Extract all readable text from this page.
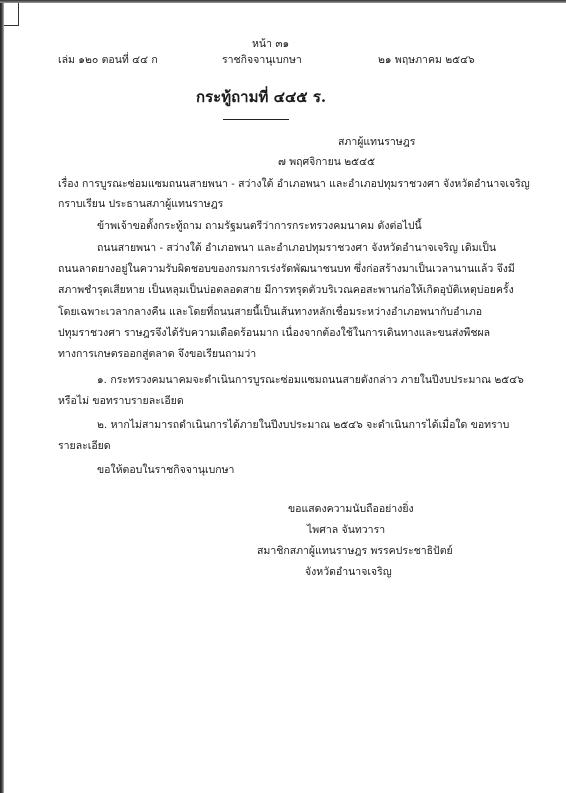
หน้า ๓๑
เล่ม ๑๒๐ ตอนที่ ๔๔ ก	ราชกิจจานุเบกษา	๒๑ พฤษภาคม ๒๕๔๖
กระทู้ถามที่ ๔๔๕ ร.
สภาผู้แทนราษฎร
๗ พฤศจิกายน ๒๕๔๕
เรื่อง การบูรณะซ่อมแซมถนนสายพนา - สว่างใต้ อำเภอพนา และอำเภอปทุมราชวงศา จังหวัดอำนาจเจริญ
กราบเรียน ประธานสภาผู้แทนราษฎร
ข้าพเจ้าขอตั้งกระทู้ถาม ถามรัฐมนตรีว่าการกระทรวงคมนาคม ดังต่อไปนี้
ถนนสายพนา - สว่างใต้ อำเภอพนา และอำเภอปทุมราชวงศา จังหวัดอำนาจเจริญ เดิมเป็น
ถนนลาดยางอยู่ในความรับผิดชอบของกรมการเร่งรัดพัฒนาชนบท ซึ่งก่อสร้างมาเป็นเวลานานแล้ว จึงมี
สภาพชำรุดเสียหาย เป็นหลุมเป็นบ่อตลอดสาย มีการทรุดตัวบริเวณคอสะพานก่อให้เกิดอุบัติเหตุบ่อยครั้ง
โดยเฉพาะเวลากลางคืน และโดยที่ถนนสายนี้เป็นเส้นทางหลักเชื่อมระหว่างอำเภอพนากับอำเภอ
ปทุมราชวงศา ราษฎรจึงได้รับความเดือดร้อนมาก เนื่องจากต้องใช้ในการเดินทางและขนส่งพืชผล
ทางการเกษตรออกสู่ตลาด จึงขอเรียนถามว่า
๑. กระทรวงคมนาคมจะดำเนินการบูรณะซ่อมแซมถนนสายดังกล่าว ภายในปีงบประมาณ ๒๕๔๖
หรือไม่ ขอทราบรายละเอียด
๒. หากไม่สามารถดำเนินการได้ภายในปีงบประมาณ ๒๕๔๖ จะดำเนินการได้เมื่อใด ขอทราบ
รายละเอียด
ขอให้ตอบในราชกิจจานุเบกษา
ขอแสดงความนับถืออย่างยิ่ง
ไพศาล จันทวารา
สมาชิกสภาผู้แทนราษฎร พรรคประชาธิปัตย์
จังหวัดอำนาจเจริญ
